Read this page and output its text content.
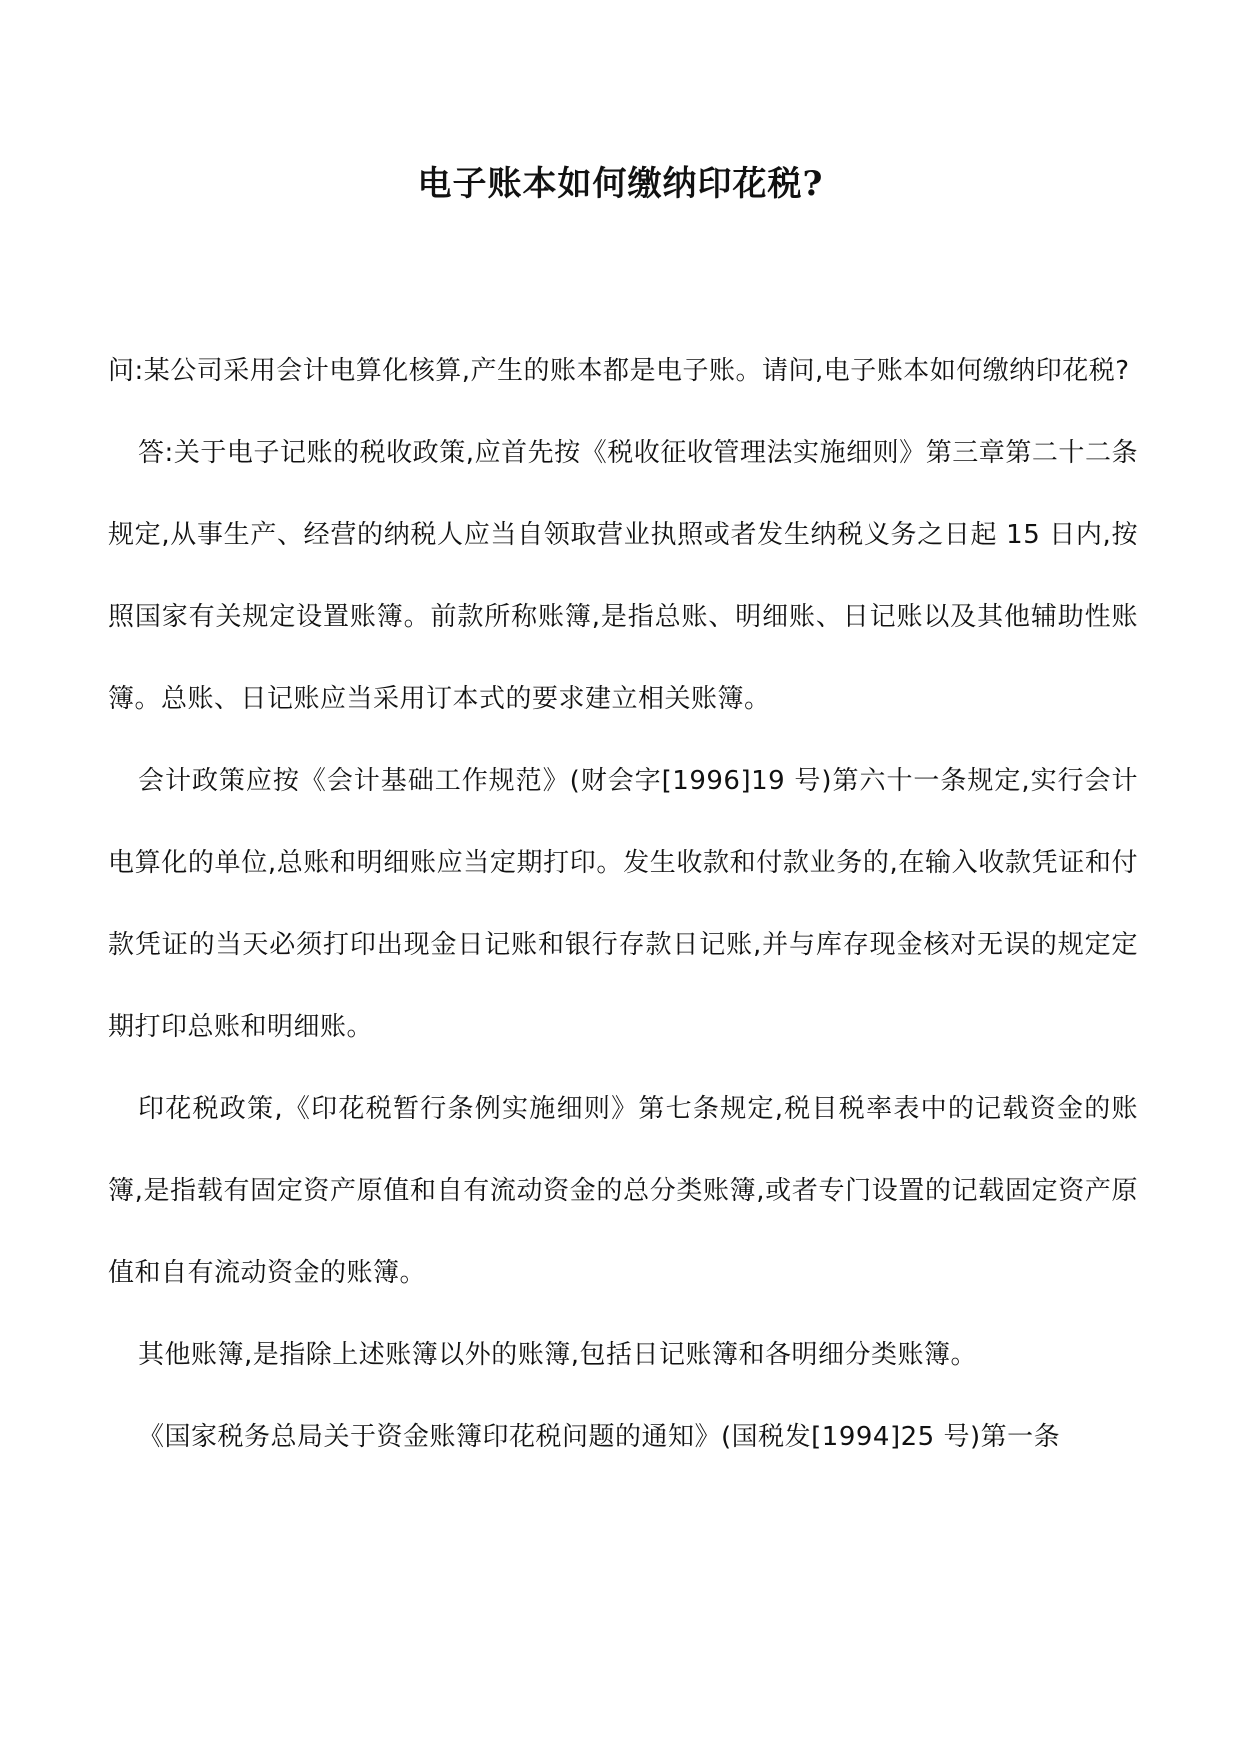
电子账本如何缴纳印花税?

问:某公司采用会计电算化核算,产生的账本都是电子账。请问,电子账本如何缴纳印花税?

答:关于电子记账的税收政策,应首先按《税收征收管理法实施细则》第三章第二十二条规定,从事生产、经营的纳税人应当自领取营业执照或者发生纳税义务之日起 15 日内,按照国家有关规定设置账簿。前款所称账簿,是指总账、明细账、日记账以及其他辅助性账簿。总账、日记账应当采用订本式的要求建立相关账簿。

会计政策应按《会计基础工作规范》(财会字[1996]19 号)第六十一条规定,实行会计电算化的单位,总账和明细账应当定期打印。发生收款和付款业务的,在输入收款凭证和付款凭证的当天必须打印出现金日记账和银行存款日记账,并与库存现金核对无误的规定定期打印总账和明细账。

印花税政策,《印花税暂行条例实施细则》第七条规定,税目税率表中的记载资金的账簿,是指载有固定资产原值和自有流动资金的总分类账簿,或者专门设置的记载固定资产原值和自有流动资金的账簿。

其他账簿,是指除上述账簿以外的账簿,包括日记账簿和各明细分类账簿。

《国家税务总局关于资金账簿印花税问题的通知》(国税发[1994]25 号)第一条
